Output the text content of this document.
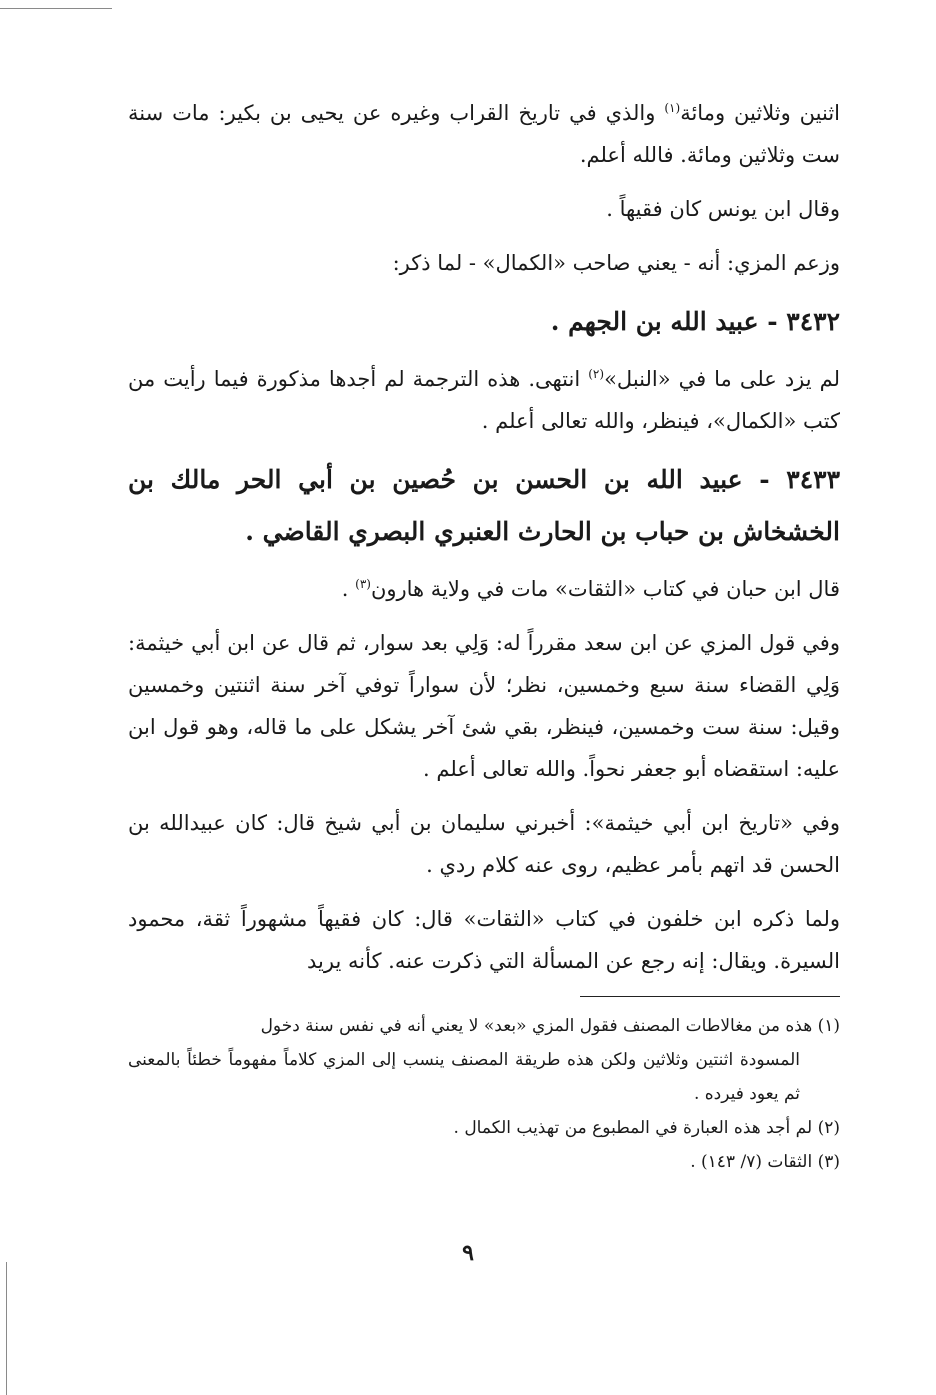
اثنين وثلاثين ومائة$^{(١)}$ والذي في تاريخ القراب وغيره عن يحيى بن بكير: مات سنة ست وثلاثين ومائة. فالله أعلم.

وقال ابن يونس كان فقيهاً .

وزعم المزي: أنه - يعني صاحب «الكمال» - لما ذكر:

٣٤٣٢ - عبيد الله بن الجهم .

لم يزد على ما في «النبل»$^{(٢)}$ انتهى. هذه الترجمة لم أجدها مذكورة فيما رأيت من كتب «الكمال»، فينظر، والله تعالى أعلم .

٣٤٣٣ - عبيد الله بن الحسن بن حُصين بن أبي الحر مالك بن الخشخاش بن حباب بن الحارث العنبري البصري القاضي .

قال ابن حبان في كتاب «الثقات» مات في ولاية هارون$^{(٣)}$ .

وفي قول المزي عن ابن سعد مقرراً له: وَلِي بعد سوار، ثم قال عن ابن أبي خيثمة: وَلِي القضاء سنة سبع وخمسين، نظر؛ لأن سواراً توفي آخر سنة اثنتين وخمسين وقيل: سنة ست وخمسين، فينظر، بقي شئ آخر يشكل على ما قاله، وهو قول ابن عليه: استقضاه أبو جعفر نحواً. والله تعالى أعلم .

وفي «تاريخ ابن أبي خيثمة»: أخبرني سليمان بن أبي شيخ قال: كان عبيدالله بن الحسن قد اتهم بأمر عظيم، روى عنه كلام ردي .

ولما ذكره ابن خلفون في كتاب «الثقات» قال: كان فقيهاً مشهوراً ثقة، محمود السيرة. ويقال: إنه رجع عن المسألة التي ذكرت عنه. كأنه يريد

(١) هذه من مغالاطات المصنف فقول المزي «بعد» لا يعني أنه في نفس سنة دخول

المسودة اثنتين وثلاثين ولكن هذه طريقة المصنف ينسب إلى المزي كلاماً مفهوماً خطئاً بالمعنى ثم يعود فيرده .

(٢) لم أجد هذه العبارة في المطبوع من تهذيب الكمال .

(٣) الثقات (٧/ ١٤٣) .

٩
